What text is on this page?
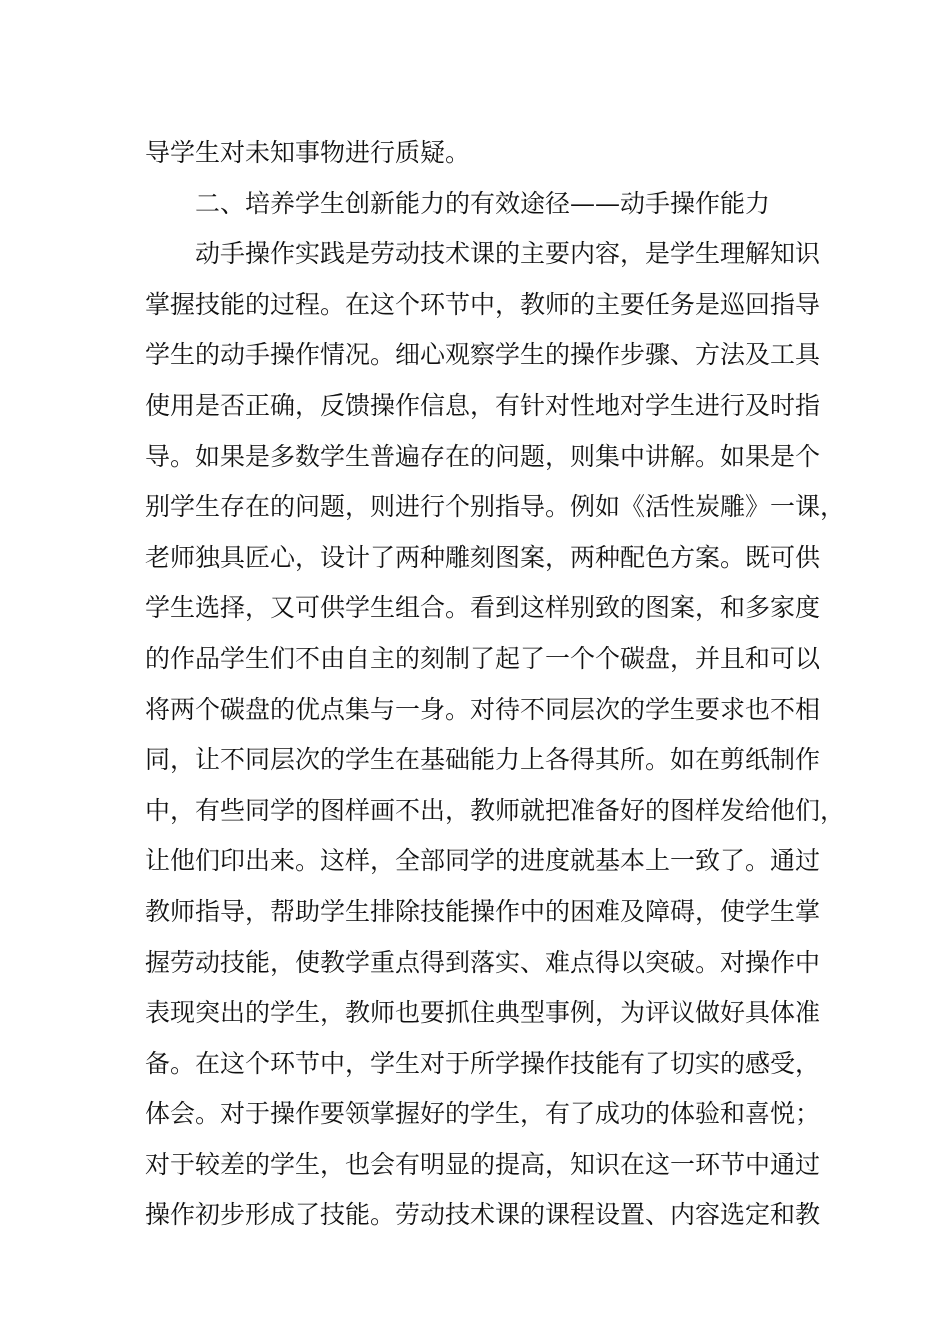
导学生对未知事物进行质疑。
二、培养学生创新能力的有效途径——动手操作能力
动手操作实践是劳动技术课的主要内容，是学生理解知识
掌握技能的过程。在这个环节中，教师的主要任务是巡回指导
学生的动手操作情况。细心观察学生的操作步骤、方法及工具
使用是否正确，反馈操作信息，有针对性地对学生进行及时指
导。如果是多数学生普遍存在的问题，则集中讲解。如果是个
别学生存在的问题，则进行个别指导。例如《活性炭雕》一课，
老师独具匠心，设计了两种雕刻图案，两种配色方案。既可供
学生选择，又可供学生组合。看到这样别致的图案，和多家度
的作品学生们不由自主的刻制了起了一个个碳盘，并且和可以
将两个碳盘的优点集与一身。对待不同层次的学生要求也不相
同，让不同层次的学生在基础能力上各得其所。如在剪纸制作
中，有些同学的图样画不出，教师就把准备好的图样发给他们，
让他们印出来。这样，全部同学的进度就基本上一致了。通过
教师指导，帮助学生排除技能操作中的困难及障碍，使学生掌
握劳动技能，使教学重点得到落实、难点得以突破。对操作中
表现突出的学生，教师也要抓住典型事例，为评议做好具体准
备。在这个环节中，学生对于所学操作技能有了切实的感受，
体会。对于操作要领掌握好的学生，有了成功的体验和喜悦；
对于较差的学生，也会有明显的提高，知识在这一环节中通过
操作初步形成了技能。劳动技术课的课程设置、内容选定和教
